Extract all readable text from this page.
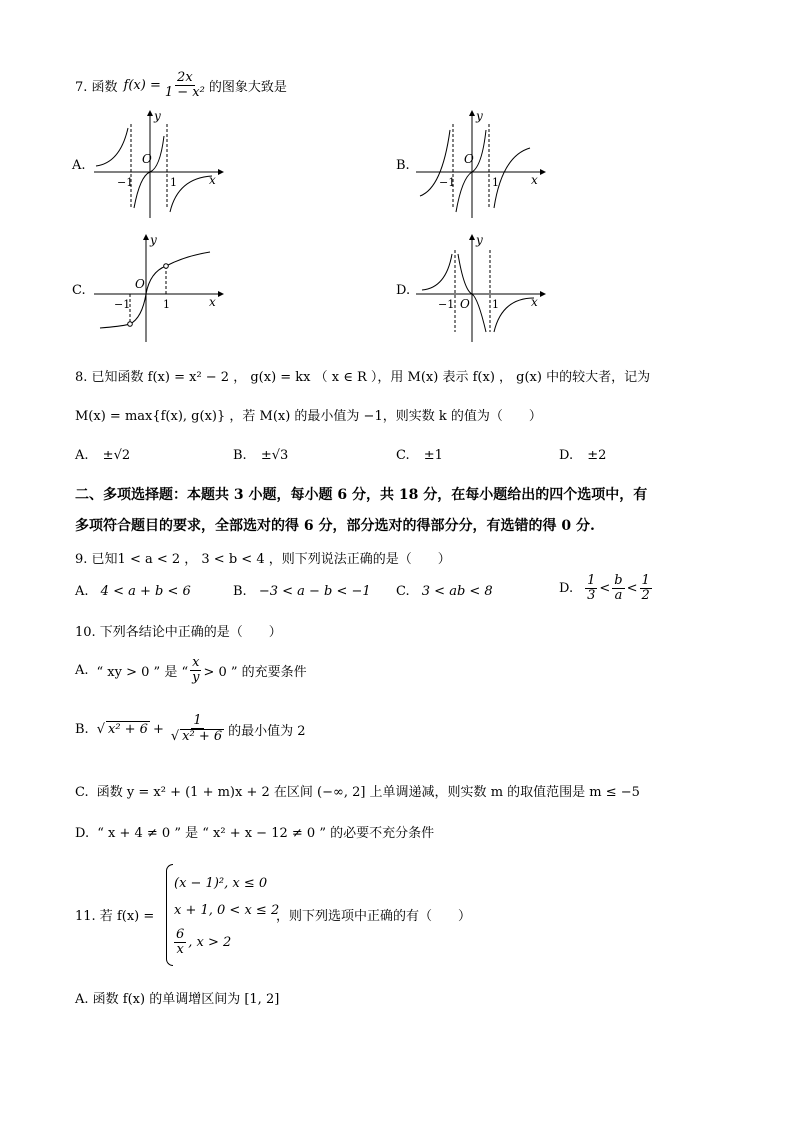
7. 函数 $f(x) = \frac{2x}{\text{1 − x²}}$ 的图象大致是
A.	O
−1	1	x
y
B.	O
−1	1	x
y
C.	O
−1	1	x
y
D.
O
−1	1	x
y
8. 已知函数 f(x) = x² − 2 ， g(x) = kx （ x ∈ R ），用 M(x) 表示 f(x) ， g(x) 中的较大者，记为
M(x) = max{f(x), g(x)} ，若 M(x) 的最小值为 −1，则实数 k 的值为（　　）
A. ±√2	B. ±√3	C. ±1	D. ±2
二、多项选择题：本题共 3 小题，每小题 6 分，共 18 分，在每小题给出的四个选项中，有
多项符合题目的要求，全部选对的得 6 分，部分选对的得部分分，有选错的得 0 分.
9. 已知1 < a < 2 ， 3 < b < 4 ，则下列说法正确的是（　　）
A. 4 < a + b < 6	B. −3 < a − b < −1 C. 3 < ab < 8	D. $\frac{1}{3} < \frac{b}{a} < \frac{1}{2}$
10. 下列各结论中正确的是（　　）
A. “ xy > 0 ” 是 “ $\frac{x}{y} > 0$ ” 的充要条件
B. √ $x^2 + 6 + \frac{1}{\text{√ x² + 6}}$ 的最小值为 2
C. 函数 y = x² + (1 + m)x + 2 在区间 (−∞, 2] 上单调递减，则实数 m 的取值范围是 m ≤ −5
D. “ x + 4 ≠ 0 ” 是 “ x² + x − 12 ≠ 0 ” 的必要不充分条件
11. 若 f(x) =
(x − 1)², x ≤ 0
x + 1, 0 < x ≤ 2
$\frac{6}{x}$ , x > 2
，则下列选项中正确的有（　　）
A. 函数 f(x) 的单调增区间为 [1, 2]
